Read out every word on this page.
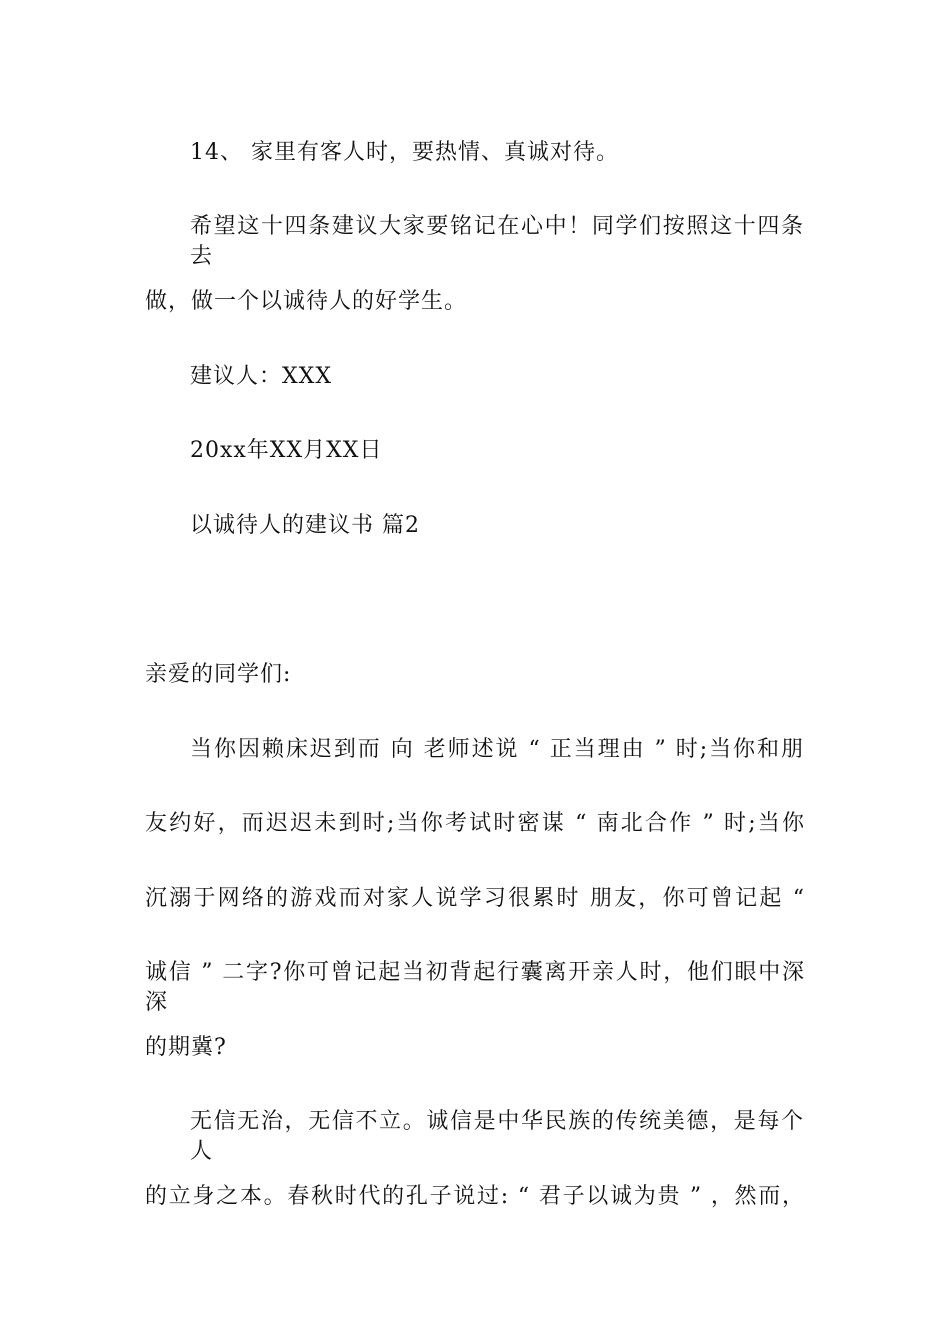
14、 家里有客人时，要热情、真诚对待。
希望这十四条建议大家要铭记在心中！同学们按照这十四条去
做，做一个以诚待人的好学生。
建议人：XXX
20xx年XX月XX日
以诚待人的建议书 篇2
亲爱的同学们:
当你因赖床迟到而 向 老师述说 “ 正当理由 ” 时;当你和朋
友约好，而迟迟未到时;当你考试时密谋 “ 南北合作 ” 时;当你
沉溺于网络的游戏而对家人说学习很累时 朋友，你可曾记起 “
诚信 ” 二字?你可曾记起当初背起行囊离开亲人时，他们眼中深深
的期冀?
无信无治，无信不立。诚信是中华民族的传统美德，是每个人
的立身之本。春秋时代的孔子说过: “ 君子以诚为贵 ” ，然而，
